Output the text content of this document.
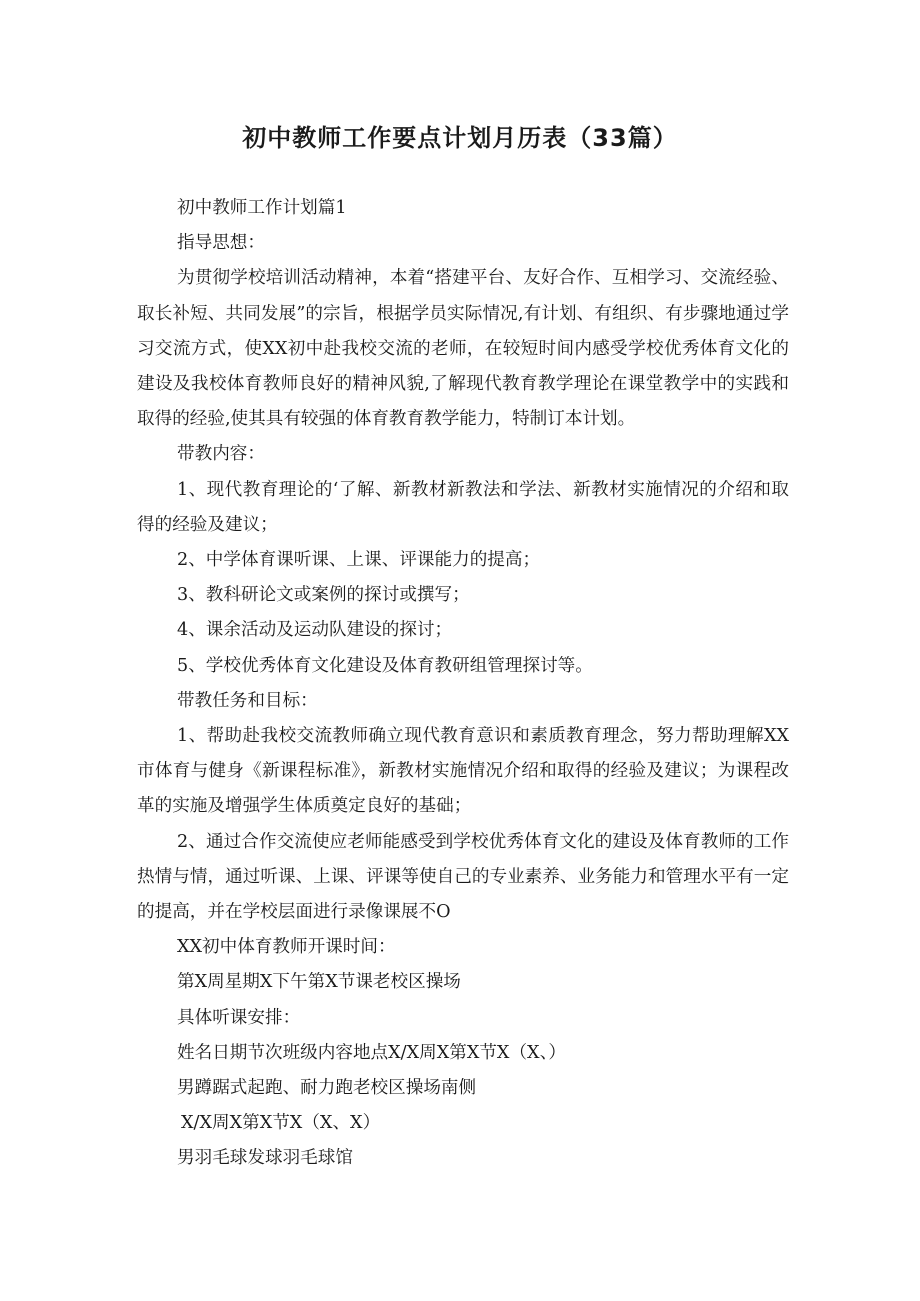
初中教师工作要点计划月历表（33篇）

初中教师工作计划篇1

指导思想：

为贯彻学校培训活动精神，本着“搭建平台、友好合作、互相学习、交流经验、取长补短、共同发展”的宗旨，根据学员实际情况,有计划、有组织、有步骤地通过学习交流方式，使XX初中赴我校交流的老师，在较短时间内感受学校优秀体育文化的建设及我校体育教师良好的精神风貌,了解现代教育教学理论在课堂教学中的实践和取得的经验,使其具有较强的体育教育教学能力，特制订本计划。

带教内容：

1、现代教育理论的‘了解、新教材新教法和学法、新教材实施情况的介绍和取得的经验及建议；

2、中学体育课听课、上课、评课能力的提高；

3、教科研论文或案例的探讨或撰写；

4、课余活动及运动队建设的探讨；

5、学校优秀体育文化建设及体育教研组管理探讨等。

带教任务和目标：

1、帮助赴我校交流教师确立现代教育意识和素质教育理念，努力帮助理解XX市体育与健身《新课程标准》，新教材实施情况介绍和取得的经验及建议；为课程改革的实施及增强学生体质奠定良好的基础；

2、通过合作交流使应老师能感受到学校优秀体育文化的建设及体育教师的工作热情与情，通过听课、上课、评课等使自己的专业素养、业务能力和管理水平有一定的提高，并在学校层面进行录像课展不O

XX初中体育教师开课时间：

第X周星期X下午第X节课老校区操场

具体听课安排：

姓名日期节次班级内容地点X/X周X第X节X（X、）

男蹲踞式起跑、耐力跑老校区操场南侧

X/X周X第X节X（X、X）

男羽毛球发球羽毛球馆
